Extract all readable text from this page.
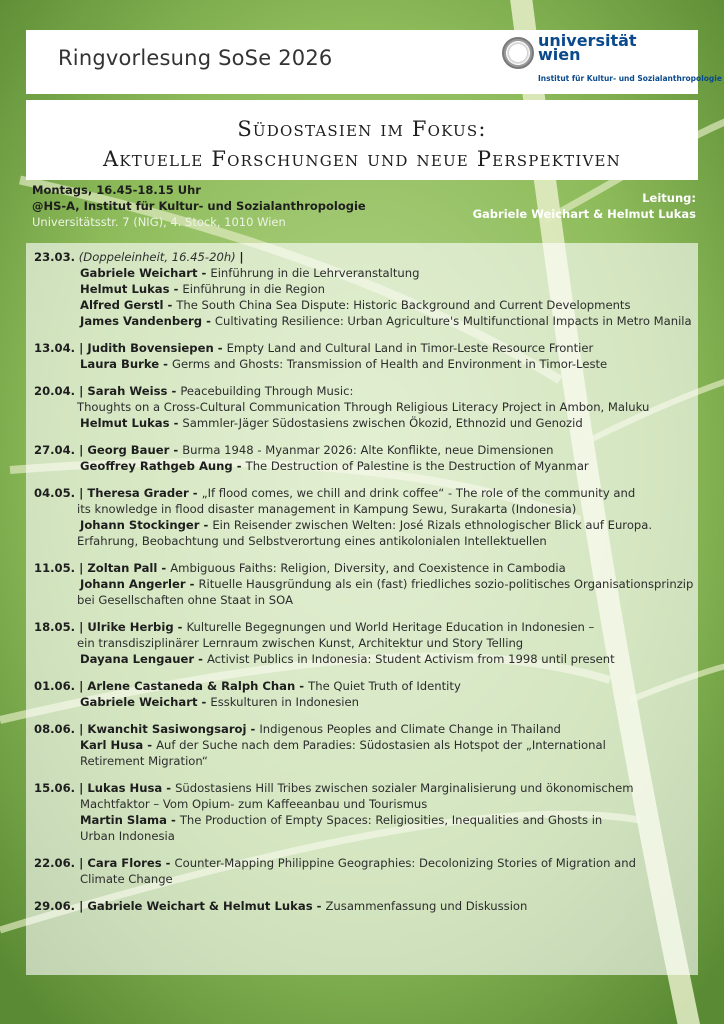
Ringvorlesung SoSe 2026
universität
wien
Institut für Kultur- und Sozialanthropologie
Südostasien im Fokus:
Aktuelle Forschungen und neue Perspektiven
Montags, 16.45-18.15 Uhr
@HS-A, Institut für Kultur- und Sozialanthropologie
Universitätsstr. 7 (NIG), 4. Stock, 1010 Wien
Leitung:
Gabriele Weichart & Helmut Lukas
23.03. (Doppeleinheit, 16.45-20h) |
Gabriele Weichart - Einführung in die Lehrveranstaltung
Helmut Lukas - Einführung in die Region
Alfred Gerstl - The South China Sea Dispute: Historic Background and Current Developments
James Vandenberg - Cultivating Resilience: Urban Agriculture's Multifunctional Impacts in Metro Manila
13.04. | Judith Bovensiepen - Empty Land and Cultural Land in Timor-Leste Resource Frontier
Laura Burke - Germs and Ghosts: Transmission of Health and Environment in Timor-Leste
20.04. | Sarah Weiss - Peacebuilding Through Music:
Thoughts on a Cross-Cultural Communication Through Religious Literacy Project in Ambon, Maluku
Helmut Lukas - Sammler-Jäger Südostasiens zwischen Ökozid, Ethnozid und Genozid
27.04. | Georg Bauer - Burma 1948 - Myanmar 2026: Alte Konflikte, neue Dimensionen
Geoffrey Rathgeb Aung - The Destruction of Palestine is the Destruction of Myanmar
04.05. | Theresa Grader - „If flood comes, we chill and drink coffee“ - The role of the community and
its knowledge in flood disaster management in Kampung Sewu, Surakarta (Indonesia)
Johann Stockinger - Ein Reisender zwischen Welten: José Rizals ethnologischer Blick auf Europa.
Erfahrung, Beobachtung und Selbstverortung eines antikolonialen Intellektuellen
11.05. | Zoltan Pall - Ambiguous Faiths: Religion, Diversity, and Coexistence in Cambodia
Johann Angerler - Rituelle Hausgründung als ein (fast) friedliches sozio-politisches Organisationsprinzip
bei Gesellschaften ohne Staat in SOA
18.05. | Ulrike Herbig - Kulturelle Begegnungen und World Heritage Education in Indonesien –
ein transdisziplinärer Lernraum zwischen Kunst, Architektur und Story Telling
Dayana Lengauer - Activist Publics in Indonesia: Student Activism from 1998 until present
01.06. | Arlene Castaneda & Ralph Chan - The Quiet Truth of Identity
Gabriele Weichart - Esskulturen in Indonesien
08.06. | Kwanchit Sasiwongsaroj - Indigenous Peoples and Climate Change in Thailand
Karl Husa - Auf der Suche nach dem Paradies: Südostasien als Hotspot der „International
Retirement Migration“
15.06. | Lukas Husa - Südostasiens Hill Tribes zwischen sozialer Marginalisierung und ökonomischem
Machtfaktor – Vom Opium- zum Kaffeeanbau und Tourismus
Martin Slama - The Production of Empty Spaces: Religiosities, Inequalities and Ghosts in
Urban Indonesia
22.06. | Cara Flores - Counter-Mapping Philippine Geographies: Decolonizing Stories of Migration and
Climate Change
29.06. | Gabriele Weichart & Helmut Lukas - Zusammenfassung und Diskussion
